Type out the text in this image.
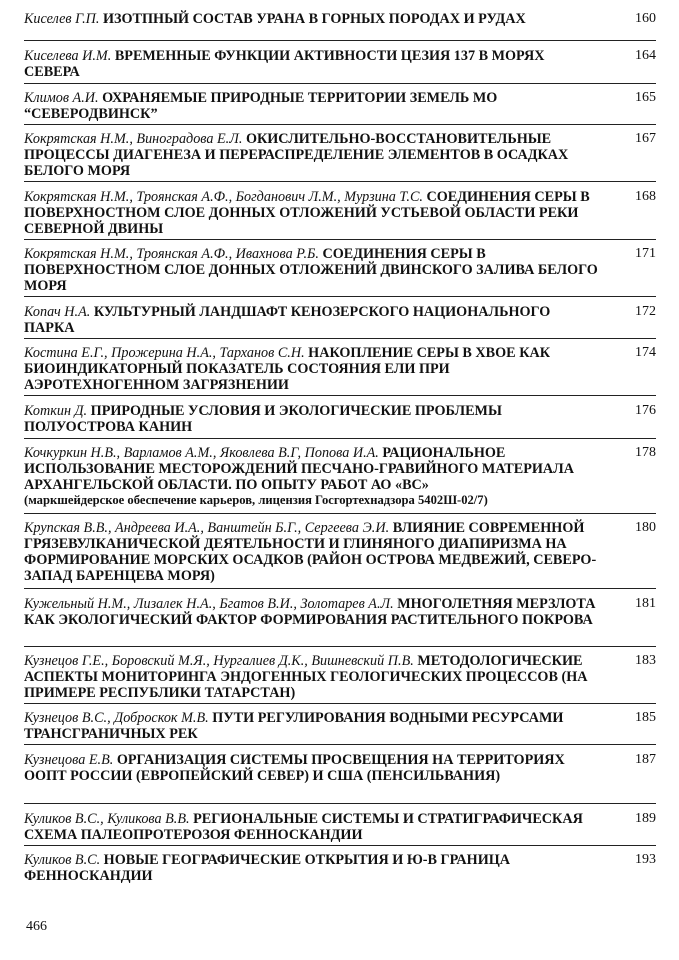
Киселев Г.П. ИЗОТПНЫЙ СОСТАВ УРАНА В ГОРНЫХ ПОРОДАХ И РУДАХ	160
Киселева И.М. ВРЕМЕННЫЕ ФУНКЦИИ АКТИВНОСТИ ЦЕЗИЯ 137 В МОРЯХ СЕВЕРА
164
Климов А.И. ОХРАНЯЕМЫЕ ПРИРОДНЫЕ ТЕРРИТОРИИ ЗЕМЕЛЬ МО “СЕВЕРОДВИНСК”
165
Кокрятская Н.М., Виноградова Е.Л. ОКИСЛИТЕЛЬНО-ВОССТАНОВИТЕЛЬНЫЕ ПРОЦЕССЫ ДИАГЕНЕЗА И ПЕРЕРАСПРЕДЕЛЕНИЕ ЭЛЕМЕНТОВ В ОСАДКАХ БЕЛОГО МОРЯ
167
Кокрятская Н.М., Троянская А.Ф., Богданович Л.М., Мурзина Т.С. СОЕДИНЕНИЯ СЕРЫ В ПОВЕРХНОСТНОМ СЛОЕ ДОННЫХ ОТЛОЖЕНИЙ УСТЬЕВОЙ ОБЛАСТИ РЕКИ СЕВЕРНОЙ ДВИНЫ
168
Кокрятская Н.М., Троянская А.Ф., Ивахнова Р.Б. СОЕДИНЕНИЯ СЕРЫ В ПОВЕРХНОСТНОМ СЛОЕ ДОННЫХ ОТЛОЖЕНИЙ ДВИНСКОГО ЗАЛИВА БЕЛОГО МОРЯ
171
Копач Н.А. КУЛЬТУРНЫЙ ЛАНДШАФТ КЕНОЗЕРСКОГО НАЦИОНАЛЬНОГО ПАРКА
172
Костина Е.Г., Прожерина Н.А., Тарханов С.Н. НАКОПЛЕНИЕ СЕРЫ В ХВОЕ КАК БИОИНДИКАТОРНЫЙ ПОКАЗАТЕЛЬ СОСТОЯНИЯ ЕЛИ ПРИ АЭРОТЕХНОГЕННОМ ЗАГРЯЗНЕНИИ
174
Коткин Д. ПРИРОДНЫЕ УСЛОВИЯ И ЭКОЛОГИЧЕСКИЕ ПРОБЛЕМЫ ПОЛУОСТРОВА КАНИН
176
Кочкуркин Н.В., Варламов А.М., Яковлева В.Г, Попова И.А. РАЦИОНАЛЬНОЕ ИСПОЛЬЗОВАНИЕ МЕСТОРОЖДЕНИЙ ПЕСЧАНО-ГРАВИЙНОГО МАТЕРИАЛА АРХАНГЕЛЬСКОЙ ОБЛАСТИ. ПО ОПЫТУ РАБОТ АО «ВС»
(маркшейдерское обеспечение карьеров, лицензия Госгортехнадзора 5402Ш-02/7)
178
Крупская В.В., Андреева И.А., Ванштейн Б.Г., Сергеева Э.И. ВЛИЯНИЕ СОВРЕМЕННОЙ ГРЯЗЕВУЛКАНИЧЕСКОЙ ДЕЯТЕЛЬНОСТИ И ГЛИНЯНОГО ДИАПИРИЗМА НА ФОРМИРОВАНИЕ МОРСКИХ ОСАДКОВ (РАЙОН ОСТРОВА МЕДВЕЖИЙ, СЕВЕРО-ЗАПАД БАРЕНЦЕВА МОРЯ)
180
Кужельный Н.М., Лизалек Н.А., Бгатов В.И., Золотарев А.Л. МНОГОЛЕТНЯЯ МЕРЗЛОТА КАК ЭКОЛОГИЧЕСКИЙ ФАКТОР ФОРМИРОВАНИЯ РАСТИТЕЛЬНОГО ПОКРОВА
181
Кузнецов Г.Е., Боровский М.Я., Нургалиев Д.К., Вишневский П.В. МЕТОДОЛОГИЧЕСКИЕ АСПЕКТЫ МОНИТОРИНГА ЭНДОГЕННЫХ ГЕОЛОГИЧЕСКИХ ПРОЦЕССОВ (НА ПРИМЕРЕ РЕСПУБЛИКИ ТАТАРСТАН)
183
Кузнецов В.С., Доброскок М.В. ПУТИ РЕГУЛИРОВАНИЯ ВОДНЫМИ РЕСУРСАМИ ТРАНСГРАНИЧНЫХ РЕК
185
Кузнецова Е.В. ОРГАНИЗАЦИЯ СИСТЕМЫ ПРОСВЕЩЕНИЯ НА ТЕРРИТОРИЯХ ООПТ РОССИИ (ЕВРОПЕЙСКИЙ СЕВЕР) И США (ПЕНСИЛЬВАНИЯ)
187
Куликов В.С., Куликова В.В. РЕГИОНАЛЬНЫЕ СИСТЕМЫ И СТРАТИГРАФИЧЕСКАЯ СХЕМА ПАЛЕОПРОТЕРОЗОЯ ФЕННОСКАНДИИ
189
Куликов В.С. НОВЫЕ ГЕОГРАФИЧЕСКИЕ ОТКРЫТИЯ И Ю-В ГРАНИЦА ФЕННОСКАНДИИ
193
466
